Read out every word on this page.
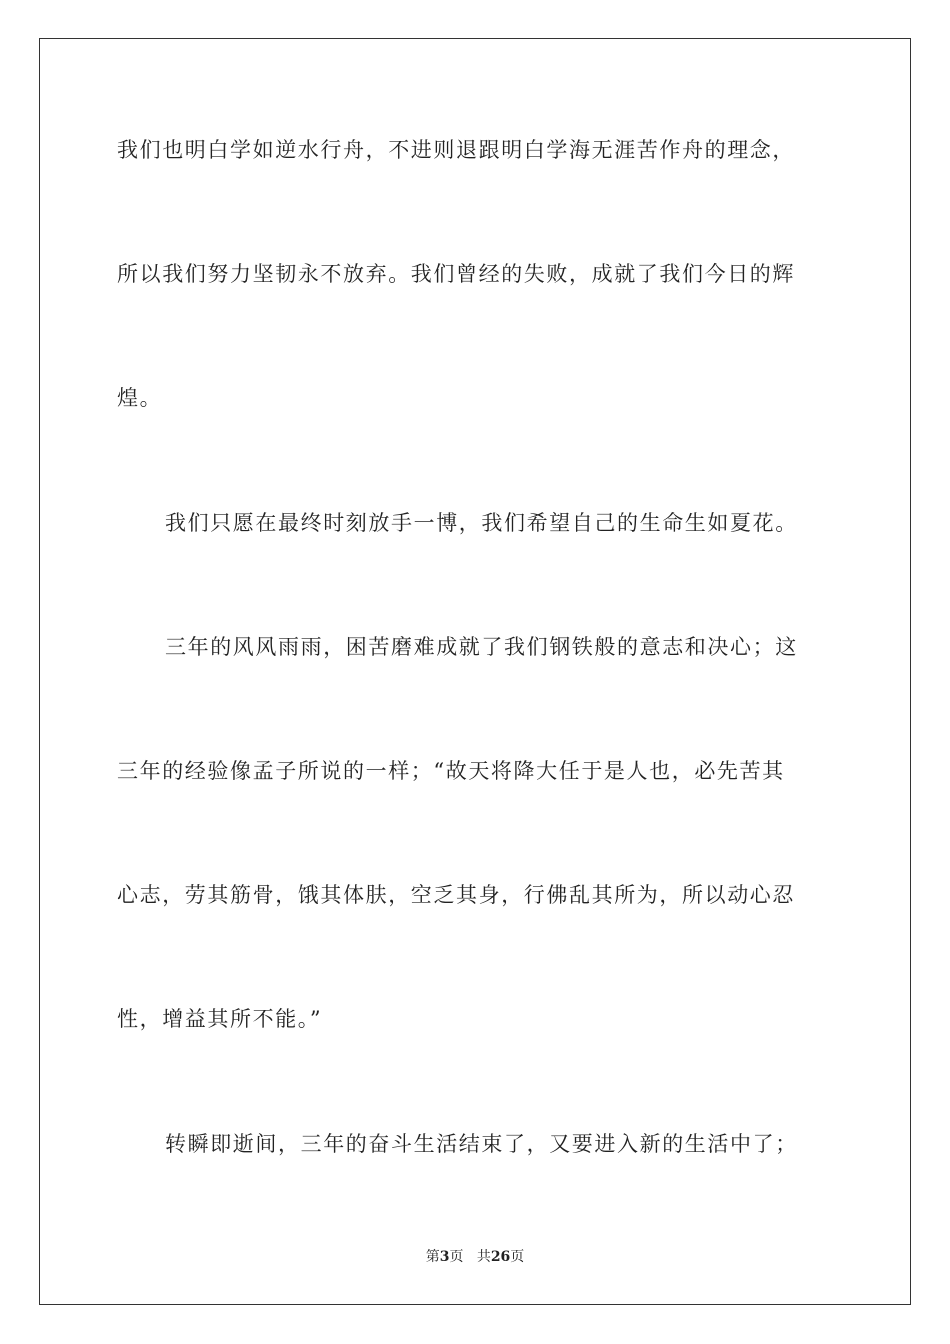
我们也明白学如逆水行舟，不进则退跟明白学海无涯苦作舟的理念，
所以我们努力坚韧永不放弃。我们曾经的失败，成就了我们今日的辉
煌。
我们只愿在最终时刻放手一博，我们希望自己的生命生如夏花。
三年的风风雨雨，困苦磨难成就了我们钢铁般的意志和决心；这
三年的经验像孟子所说的一样；“故天将降大任于是人也，必先苦其
心志，劳其筋骨，饿其体肤，空乏其身，行佛乱其所为，所以动心忍
性，增益其所不能。”
转瞬即逝间，三年的奋斗生活结束了，又要进入新的生活中了；
第3页 共26页
